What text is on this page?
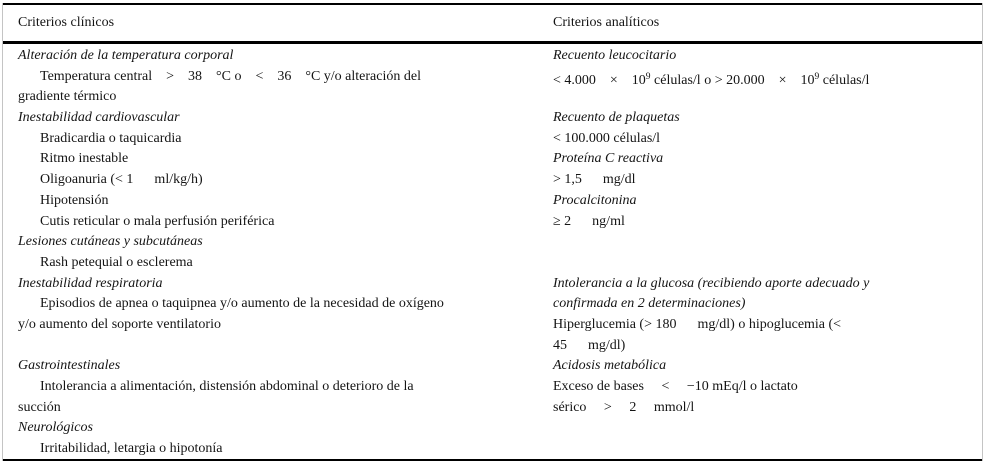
Criterios clínicos	Criterios analíticos
Alteración de la temperatura corporal	Recuento leucocitario
Temperatura central    >    38    °C o    <    36    °C y/o alteración del	< 4.000    ×    $10^9$ células/l o > 20.000    ×    $10^9$ células/l
gradiente térmico
Inestabilidad cardiovascular	Recuento de plaquetas
Bradicardia o taquicardia	< 100.000 células/l
Ritmo inestable	Proteína C reactiva
Oligoanuria (< 1      ml/kg/h)	> 1,5      mg/dl
Hipotensión	Procalcitonina
Cutis reticular o mala perfusión periférica	≥ 2      ng/ml
Lesiones cutáneas y subcutáneas
Rash petequial o esclerema
Inestabilidad respiratoria	Intolerancia a la glucosa (recibiendo aporte adecuado y
Episodios de apnea o taquipnea y/o aumento de la necesidad de oxígeno	confirmada en 2 determinaciones)
y/o aumento del soporte ventilatorio	Hiperglucemia (> 180      mg/dl) o hipoglucemia (<
45      mg/dl)
Gastrointestinales	Acidosis metabólica
Intolerancia a alimentación, distensión abdominal o deterioro de la	Exceso de bases     <     −10 mEq/l o lactato
succión	sérico     >     2     mmol/l
Neurológicos
Irritabilidad, letargia o hipotonía
